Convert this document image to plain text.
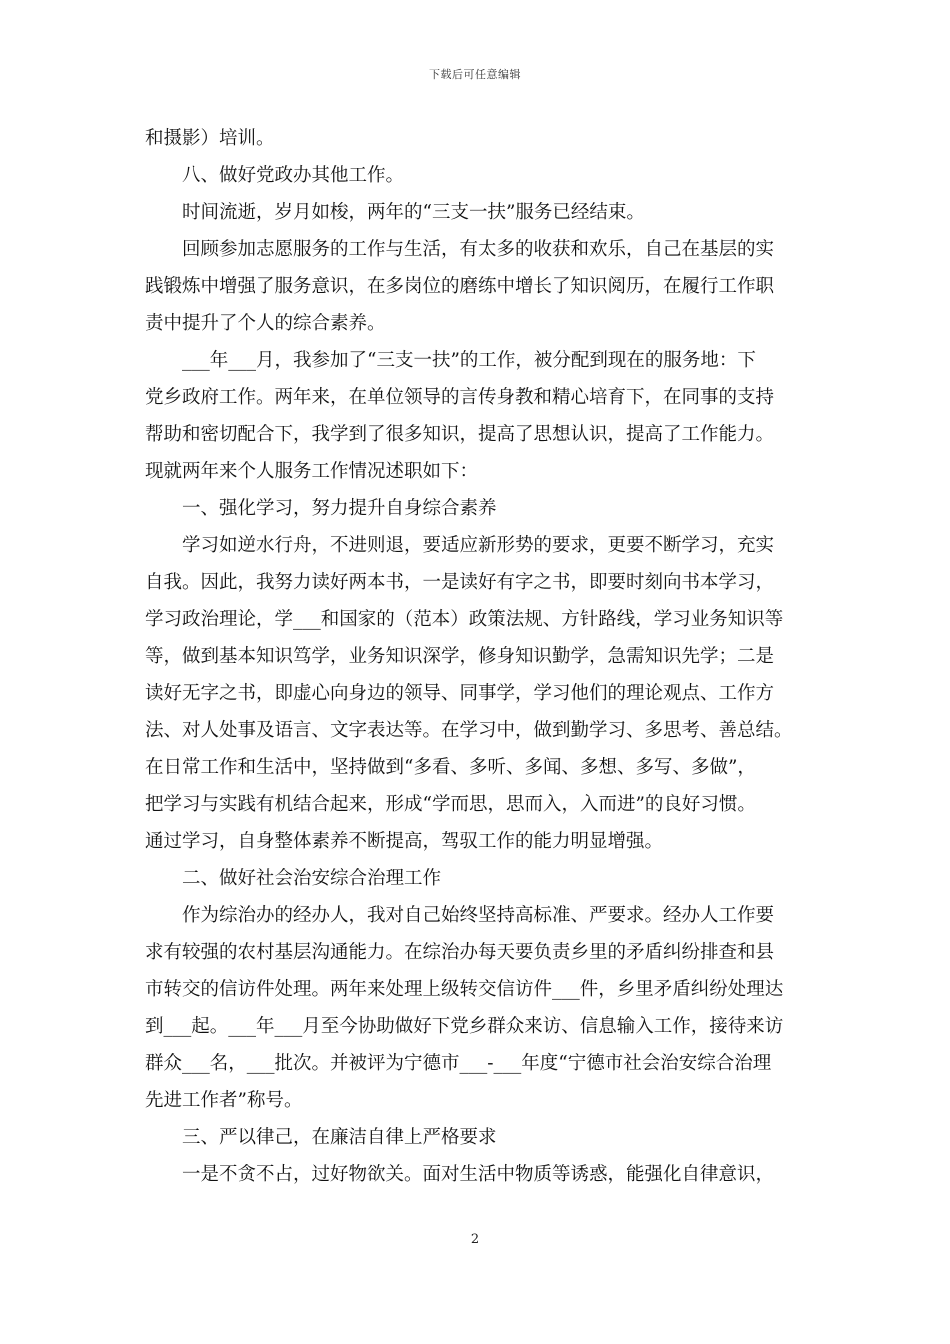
下载后可任意编辑
和摄影）培训。
八、做好党政办其他工作。
时间流逝，岁月如梭，两年的“三支一扶”服务已经结束。
回顾参加志愿服务的工作与生活，有太多的收获和欢乐，自己在基层的实
践锻炼中增强了服务意识，在多岗位的磨练中增长了知识阅历，在履行工作职
责中提升了个人的综合素养。
___年___月，我参加了“三支一扶”的工作，被分配到现在的服务地：下
党乡政府工作。两年来，在单位领导的言传身教和精心培育下，在同事的支持
帮助和密切配合下，我学到了很多知识，提高了思想认识，提高了工作能力。
现就两年来个人服务工作情况述职如下：
一、强化学习，努力提升自身综合素养
学习如逆水行舟，不进则退，要适应新形势的要求，更要不断学习，充实
自我。因此，我努力读好两本书，一是读好有字之书，即要时刻向书本学习，
学习政治理论，学___和国家的（范本）政策法规、方针路线，学习业务知识等
等，做到基本知识笃学，业务知识深学，修身知识勤学，急需知识先学；二是
读好无字之书，即虚心向身边的领导、同事学，学习他们的理论观点、工作方
法、对人处事及语言、文字表达等。在学习中，做到勤学习、多思考、善总结。
在日常工作和生活中，坚持做到“多看、多听、多闻、多想、多写、多做”，
把学习与实践有机结合起来，形成“学而思，思而入，入而进”的良好习惯。
通过学习，自身整体素养不断提高，驾驭工作的能力明显增强。
二、做好社会治安综合治理工作
作为综治办的经办人，我对自己始终坚持高标准、严要求。经办人工作要
求有较强的农村基层沟通能力。在综治办每天要负责乡里的矛盾纠纷排查和县
市转交的信访件处理。两年来处理上级转交信访件___件，乡里矛盾纠纷处理达
到___起。___年___月至今协助做好下党乡群众来访、信息输入工作，接待来访
群众___名，___批次。并被评为宁德市___-___年度“宁德市社会治安综合治理
先进工作者”称号。
三、严以律己，在廉洁自律上严格要求
一是不贪不占，过好物欲关。面对生活中物质等诱惑，能强化自律意识，
2
